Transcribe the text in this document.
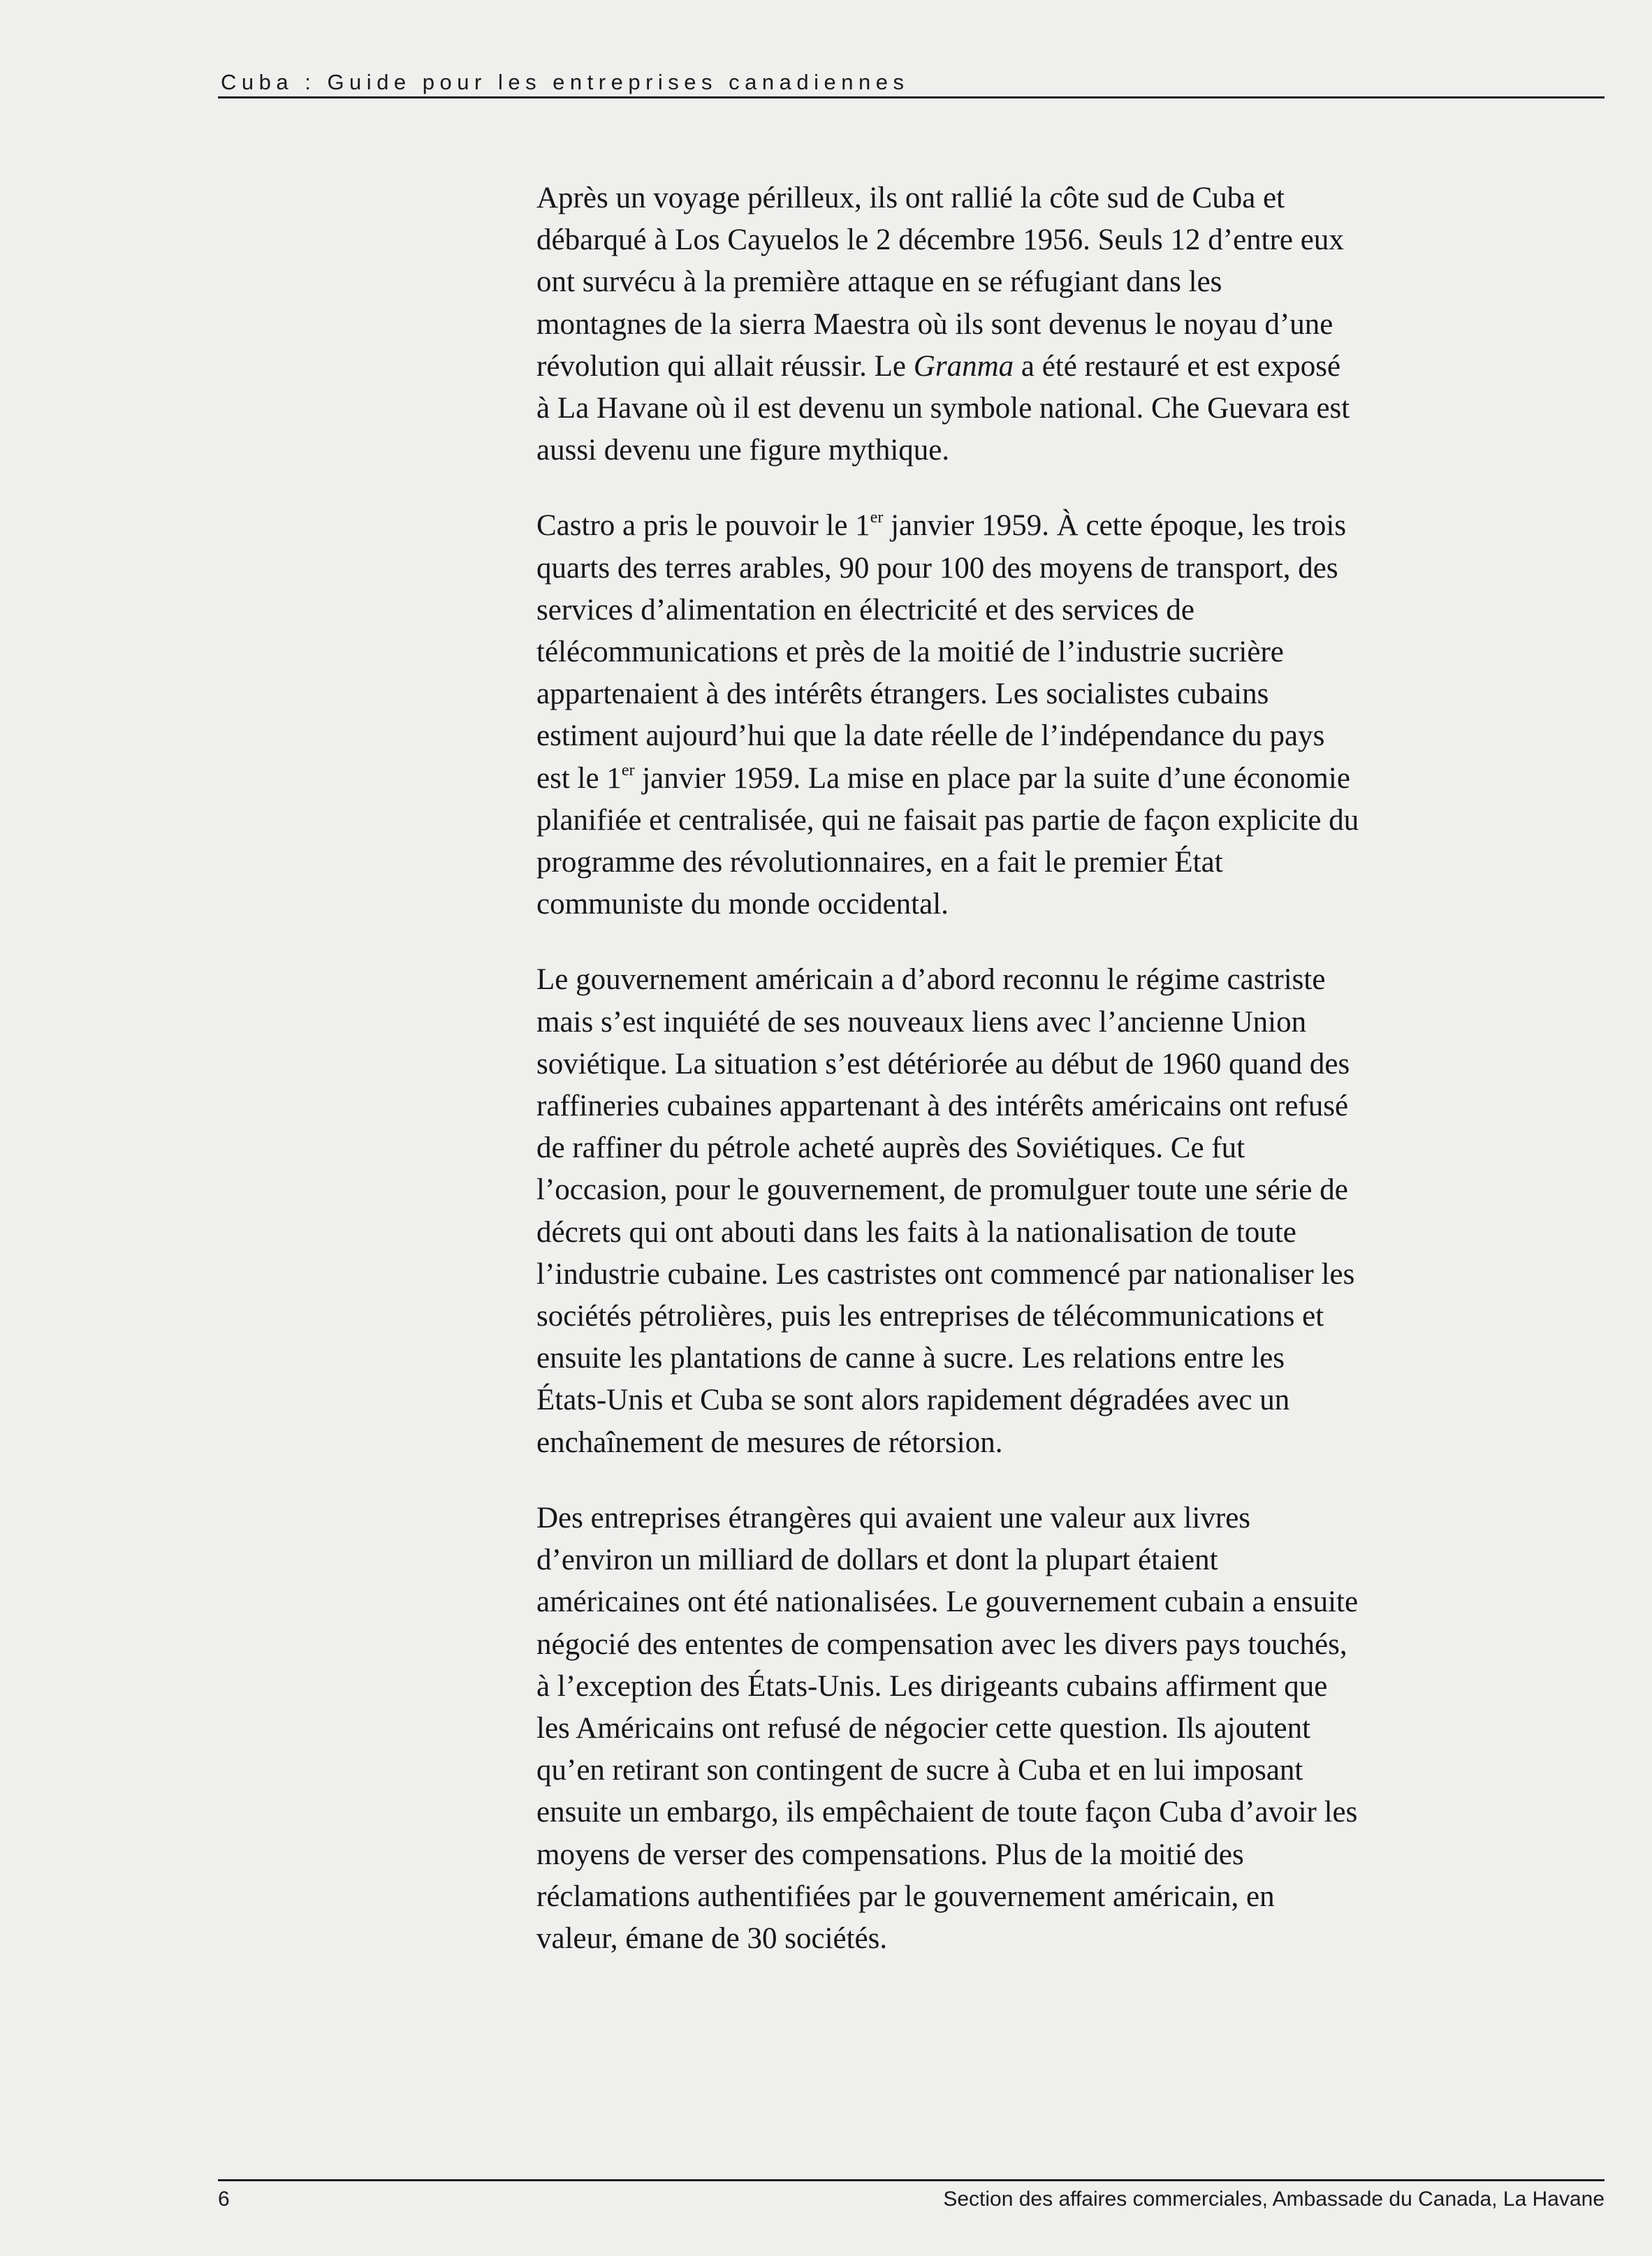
Cuba : Guide pour les entreprises canadiennes

Après un voyage périlleux, ils ont rallié la côte sud de Cuba et
débarqué à Los Cayuelos le 2 décembre 1956. Seuls 12 d’entre eux
ont survécu à la première attaque en se réfugiant dans les
montagnes de la sierra Maestra où ils sont devenus le noyau d’une
révolution qui allait réussir. Le Granma a été restauré et est exposé
à La Havane où il est devenu un symbole national. Che Guevara est
aussi devenu une figure mythique.

Castro a pris le pouvoir le 1er janvier 1959. À cette époque, les trois
quarts des terres arables, 90 pour 100 des moyens de transport, des
services d’alimentation en électricité et des services de
télécommunications et près de la moitié de l’industrie sucrière
appartenaient à des intérêts étrangers. Les socialistes cubains
estiment aujourd’hui que la date réelle de l’indépendance du pays
est le 1er janvier 1959. La mise en place par la suite d’une économie
planifiée et centralisée, qui ne faisait pas partie de façon explicite du
programme des révolutionnaires, en a fait le premier État
communiste du monde occidental.

Le gouvernement américain a d’abord reconnu le régime castriste
mais s’est inquiété de ses nouveaux liens avec l’ancienne Union
soviétique. La situation s’est détériorée au début de 1960 quand des
raffineries cubaines appartenant à des intérêts américains ont refusé
de raffiner du pétrole acheté auprès des Soviétiques. Ce fut
l’occasion, pour le gouvernement, de promulguer toute une série de
décrets qui ont abouti dans les faits à la nationalisation de toute
l’industrie cubaine. Les castristes ont commencé par nationaliser les
sociétés pétrolières, puis les entreprises de télécommunications et
ensuite les plantations de canne à sucre. Les relations entre les
États-Unis et Cuba se sont alors rapidement dégradées avec un
enchaînement de mesures de rétorsion.

Des entreprises étrangères qui avaient une valeur aux livres
d’environ un milliard de dollars et dont la plupart étaient
américaines ont été nationalisées. Le gouvernement cubain a ensuite
négocié des ententes de compensation avec les divers pays touchés,
à l’exception des États-Unis. Les dirigeants cubains affirment que
les Américains ont refusé de négocier cette question. Ils ajoutent
qu’en retirant son contingent de sucre à Cuba et en lui imposant
ensuite un embargo, ils empêchaient de toute façon Cuba d’avoir les
moyens de verser des compensations. Plus de la moitié des
réclamations authentifiées par le gouvernement américain, en
valeur, émane de 30 sociétés.

6	Section des affaires commerciales, Ambassade du Canada, La Havane
